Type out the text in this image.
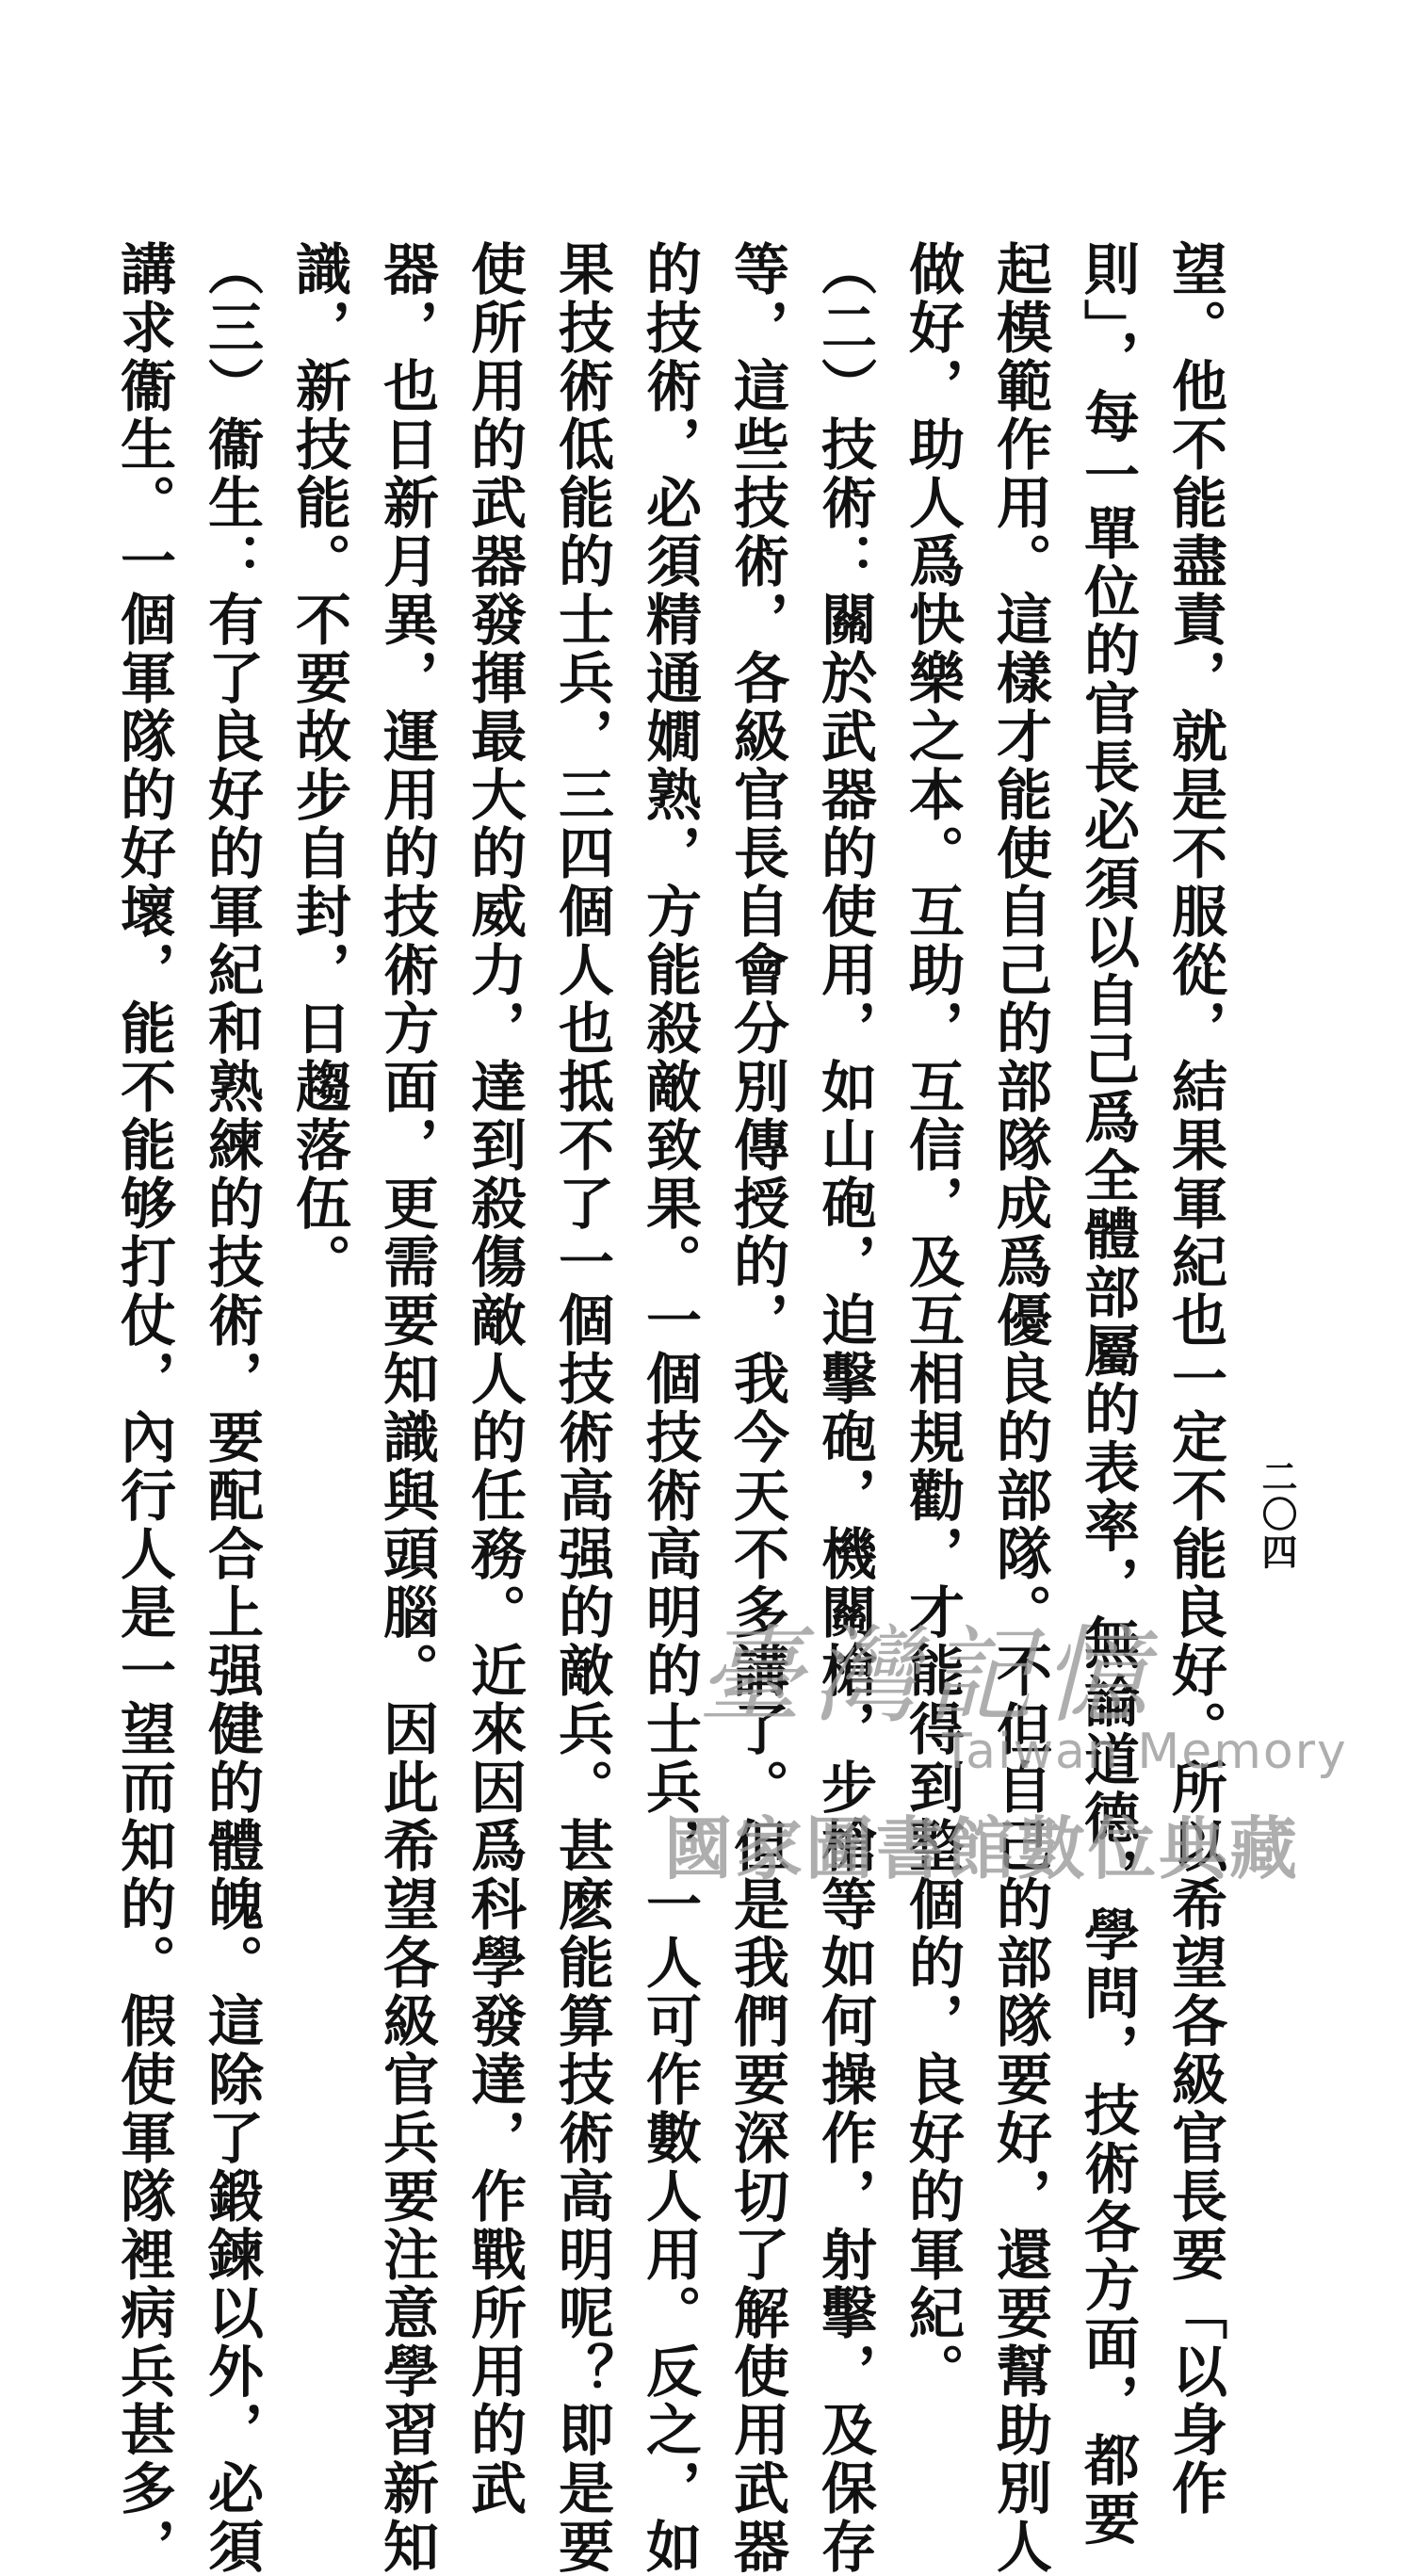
二〇四
望。他不能盡責，就是不服從，結果軍紀也一定不能良好。所以希望各級官長要「以身作
則」，每一單位的官長必須以自己爲全體部屬的表率，無論道德，學問，技術各方面，都要
起模範作用。這樣才能使自己的部隊成爲優良的部隊。不但自己的部隊要好，還要幫助別人
做好，助人爲快樂之本。互助，互信，及互相規勸，才能得到整個的，良好的軍紀。
（二）技術：關於武器的使用，如山砲，迫擊砲，機關槍，步槍等如何操作，射擊，及保存
等，這些技術，各級官長自會分別傳授的，我今天不多講了。但是我們要深切了解使用武器
的技術，必須精通嫺熟，方能殺敵致果。一個技術高明的士兵，一人可作數人用。反之，如
果技術低能的士兵，三四個人也抵不了一個技術高强的敵兵。甚麽能算技術高明呢？即是要
使所用的武器發揮最大的威力，達到殺傷敵人的任務。近來因爲科學發達，作戰所用的武
器，也日新月異，運用的技術方面，更需要知識與頭腦。因此希望各級官兵要注意學習新知
識，新技能。不要故步自封，日趨落伍。
（三）衞生：有了良好的軍紀和熟練的技術，要配合上强健的體魄。這除了鍛鍊以外，必須
講求衞生。一個軍隊的好壞，能不能够打仗，內行人是一望而知的。假使軍隊裡病兵甚多，	臺灣記憶
Taiwan Memory
國家圖書館數位典藏
